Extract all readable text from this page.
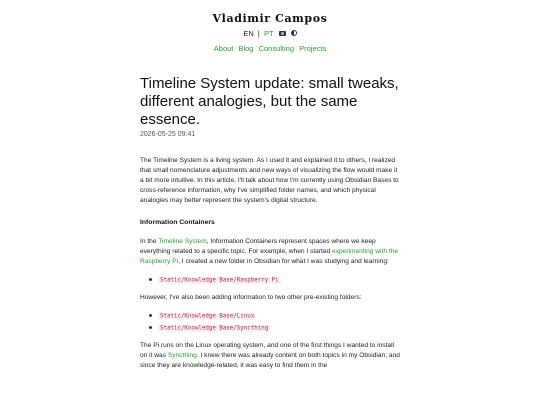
Vladimir Campos
EN | PT
About Blog Consulting Projects
Timeline System update: small tweaks, different analogies, but the same essence.
2026-05-25 09:41

The Timeline System is a living system. As I used it and explained it to others, I realized that small nomenclature adjustments and new ways of visualizing the flow would make it a bit more intuitive. In this article, I'll talk about how I'm currently using Obsidian Bases to cross-reference information, why I've simplified folder names, and which physical analogies may better represent the system's digital structure.

Information Containers

In the Timeline System, Information Containers represent spaces where we keep everything related to a specific topic. For example, when I started experimenting with the Raspberry Pi, I created a new folder in Obsidian for what I was studying and learning:

Static/Knowledge Base/Raspberry Pi

However, I've also been adding information to two other pre-existing folders:

Static/Knowledge Base/Linux
Static/Knowledge Base/Syncthing

The Pi runs on the Linux operating system, and one of the first things I wanted to install on it was Syncthing. I knew there was already content on both topics in my Obsidian; and since they are knowledge-related, it was easy to find them in the
